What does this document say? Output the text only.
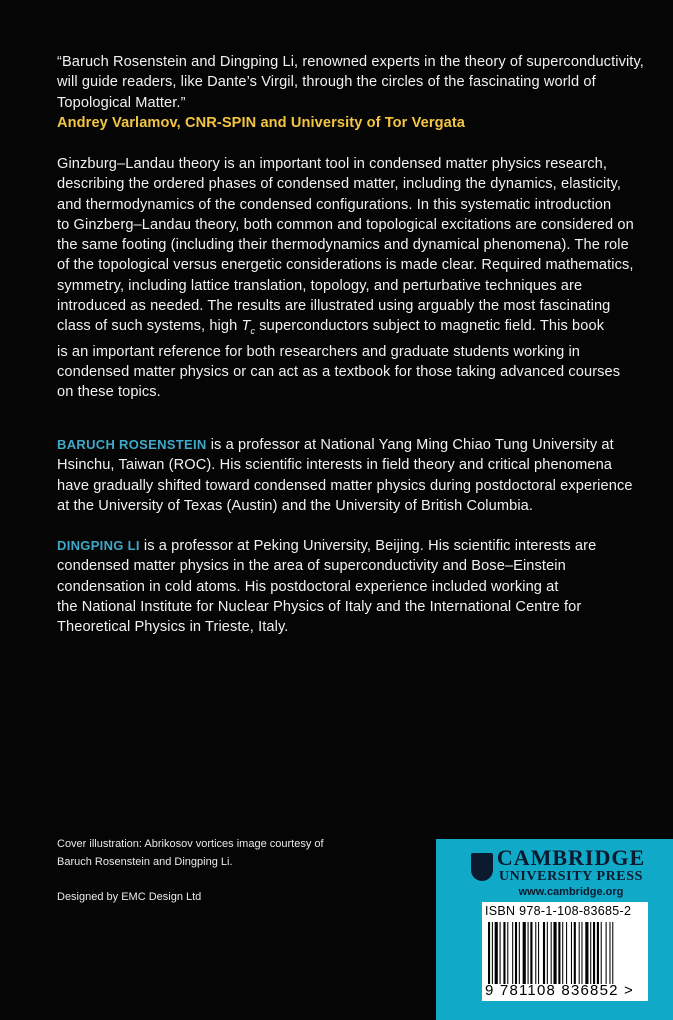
“Baruch Rosenstein and Dingping Li, renowned experts in the theory of superconductivity,
will guide readers, like Dante’s Virgil, through the circles of the fascinating world of
Topological Matter.”
Andrey Varlamov, CNR-SPIN and University of Tor Vergata
Ginzburg–Landau theory is an important tool in condensed matter physics research,
describing the ordered phases of condensed matter, including the dynamics, elasticity,
and thermodynamics of the condensed configurations. In this systematic introduction
to Ginzberg–Landau theory, both common and topological excitations are considered on
the same footing (including their thermodynamics and dynamical phenomena). The role
of the topological versus energetic considerations is made clear. Required mathematics,
symmetry, including lattice translation, topology, and perturbative techniques are
introduced as needed. The results are illustrated using arguably the most fascinating
class of such systems, high $T_c$ superconductors subject to magnetic field. This book
is an important reference for both researchers and graduate students working in
condensed matter physics or can act as a textbook for those taking advanced courses
on these topics.
BARUCH ROSENSTEIN is a professor at National Yang Ming Chiao Tung University at
Hsinchu, Taiwan (ROC). His scientific interests in field theory and critical phenomena
have gradually shifted toward condensed matter physics during postdoctoral experience
at the University of Texas (Austin) and the University of British Columbia.
DINGPING LI is a professor at Peking University, Beijing. His scientific interests are
condensed matter physics in the area of superconductivity and Bose–Einstein
condensation in cold atoms. His postdoctoral experience included working at
the National Institute for Nuclear Physics of Italy and the International Centre for
Theoretical Physics in Trieste, Italy.
Cover illustration: Abrikosov vortices image courtesy of
Baruch Rosenstein and Dingping Li.
Designed by EMC Design Ltd
CAMBRIDGE
UNIVERSITY PRESS
www.cambridge.org
ISBN 978-1-108-83685-2
9 781108 836852 >
